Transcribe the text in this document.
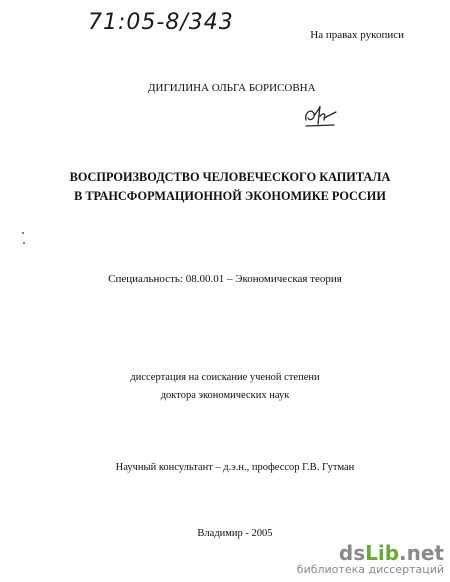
71:05-8/343	На правах рукописи
ДИГИЛИНА ОЛЬГА БОРИСОВНА
ВОСПРОИЗВОДСТВО ЧЕЛОВЕЧЕСКОГО КАПИТАЛА
В ТРАНСФОРМАЦИОННОЙ ЭКОНОМИКЕ РОССИИ
Специальность: 08.00.01 – Экономическая теория
диссертация на соискание ученой степени
доктора экономических наук
Научный консультант – д.э.н., профессор Г.В. Гутман
Владимир - 2005
dsLib.net
библиотека диссертаций
